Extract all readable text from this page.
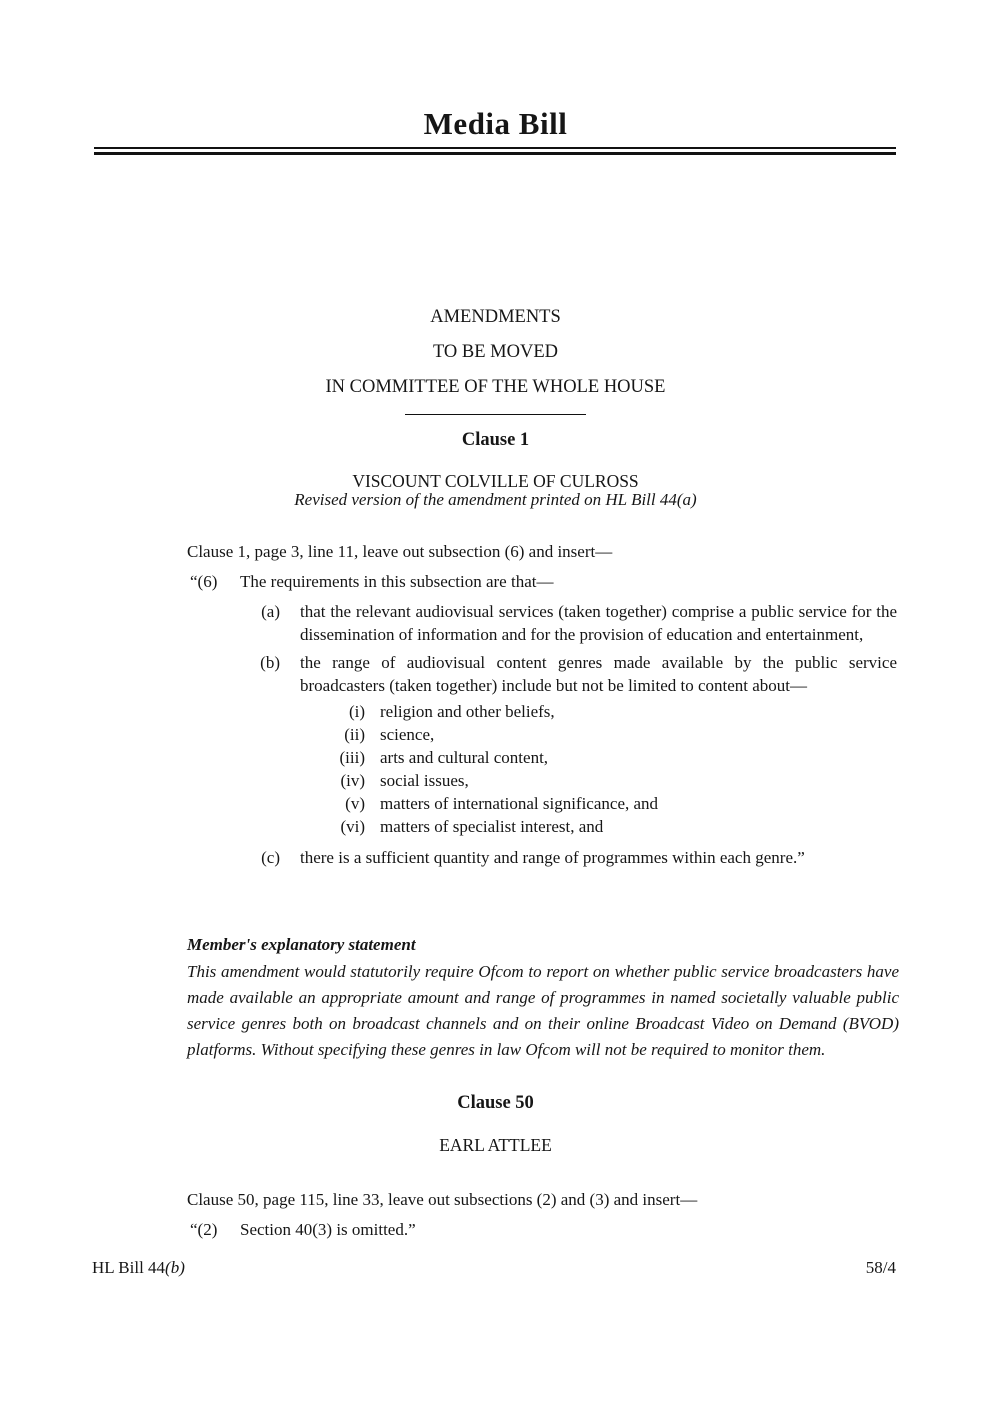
Media Bill
AMENDMENTS
TO BE MOVED
IN COMMITTEE OF THE WHOLE HOUSE
Clause 1
VISCOUNT COLVILLE OF CULROSS
Revised version of the amendment printed on HL Bill 44(a)

Clause 1, page 3, line 11, leave out subsection (6) and insert—

“(6) The requirements in this subsection are that—
(a) that the relevant audiovisual services (taken together) comprise a public service for the dissemination of information and for the provision of education and entertainment,
(b) the range of audiovisual content genres made available by the public service broadcasters (taken together) include but not be limited to content about—
(i) religion and other beliefs,
(ii) science,
(iii) arts and cultural content,
(iv) social issues,
(v) matters of international significance, and
(vi) matters of specialist interest, and
(c) there is a sufficient quantity and range of programmes within each genre.”

Member's explanatory statement

This amendment would statutorily require Ofcom to report on whether public service broadcasters have made available an appropriate amount and range of programmes in named societally valuable public service genres both on broadcast channels and on their online Broadcast Video on Demand (BVOD) platforms. Without specifying these genres in law Ofcom will not be required to monitor them.

Clause 50
EARL ATTLEE

Clause 50, page 115, line 33, leave out subsections (2) and (3) and insert—

“(2) Section 40(3) is omitted.”
HL Bill 44(b)	58/4
